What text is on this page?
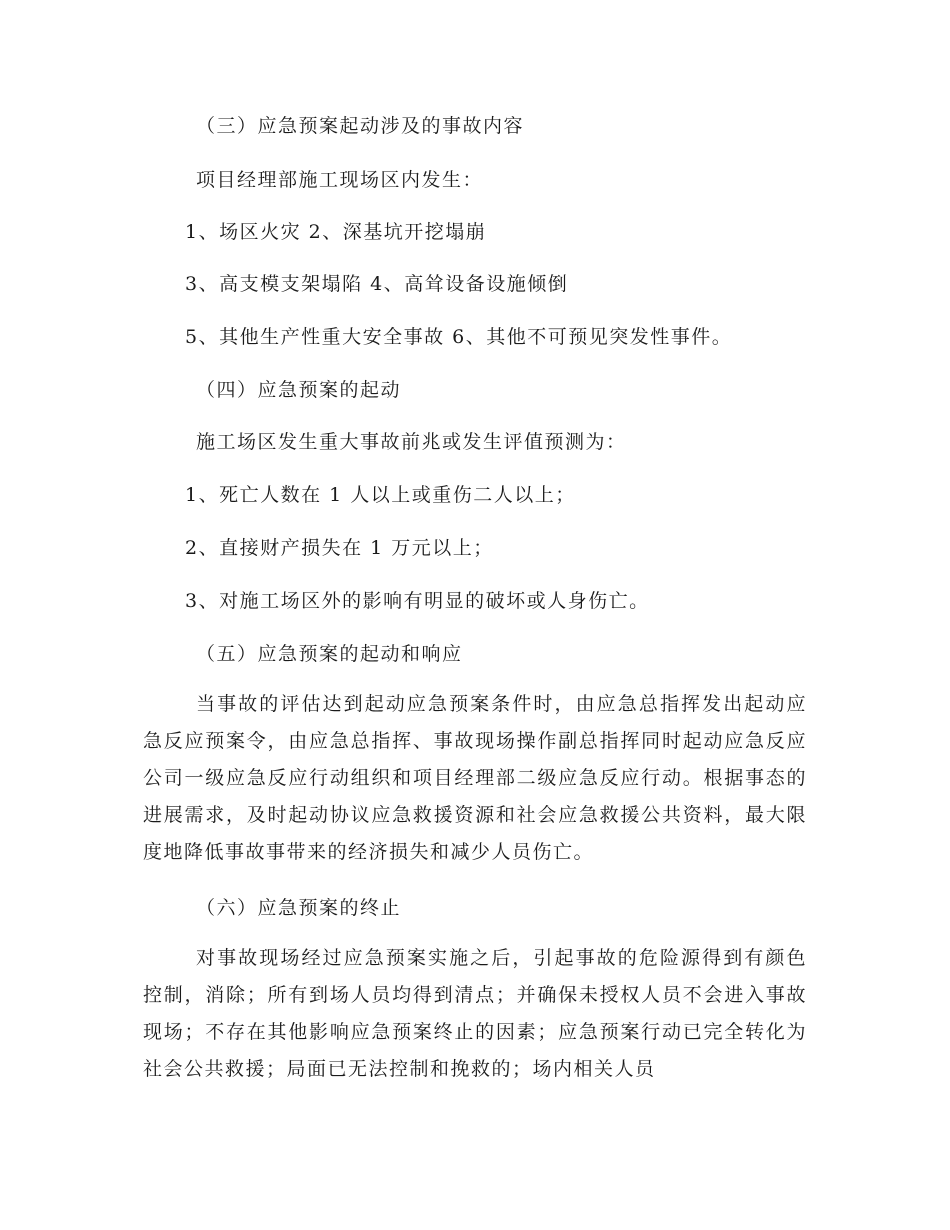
（三）应急预案起动涉及的事故内容
项目经理部施工现场区内发生：
1、场区火灾 2、深基坑开挖塌崩
3、高支模支架塌陷 4、高耸设备设施倾倒
5、其他生产性重大安全事故 6、其他不可预见突发性事件。
（四）应急预案的起动
施工场区发生重大事故前兆或发生评值预测为：
1、死亡人数在 1 人以上或重伤二人以上；
2、直接财产损失在 1 万元以上；
3、对施工场区外的影响有明显的破坏或人身伤亡。
（五）应急预案的起动和响应
当事故的评估达到起动应急预案条件时，由应急总指挥发出起动应急反应预案令，由应急总指挥、事故现场操作副总指挥同时起动应急反应公司一级应急反应行动组织和项目经理部二级应急反应行动。根据事态的进展需求，及时起动协议应急救援资源和社会应急救援公共资料，最大限度地降低事故事带来的经济损失和减少人员伤亡。
（六）应急预案的终止
对事故现场经过应急预案实施之后，引起事故的危险源得到有颜色控制，消除；所有到场人员均得到清点；并确保未授权人员不会进入事故现场；不存在其他影响应急预案终止的因素；应急预案行动已完全转化为社会公共救援；局面已无法控制和挽救的；场内相关人员
